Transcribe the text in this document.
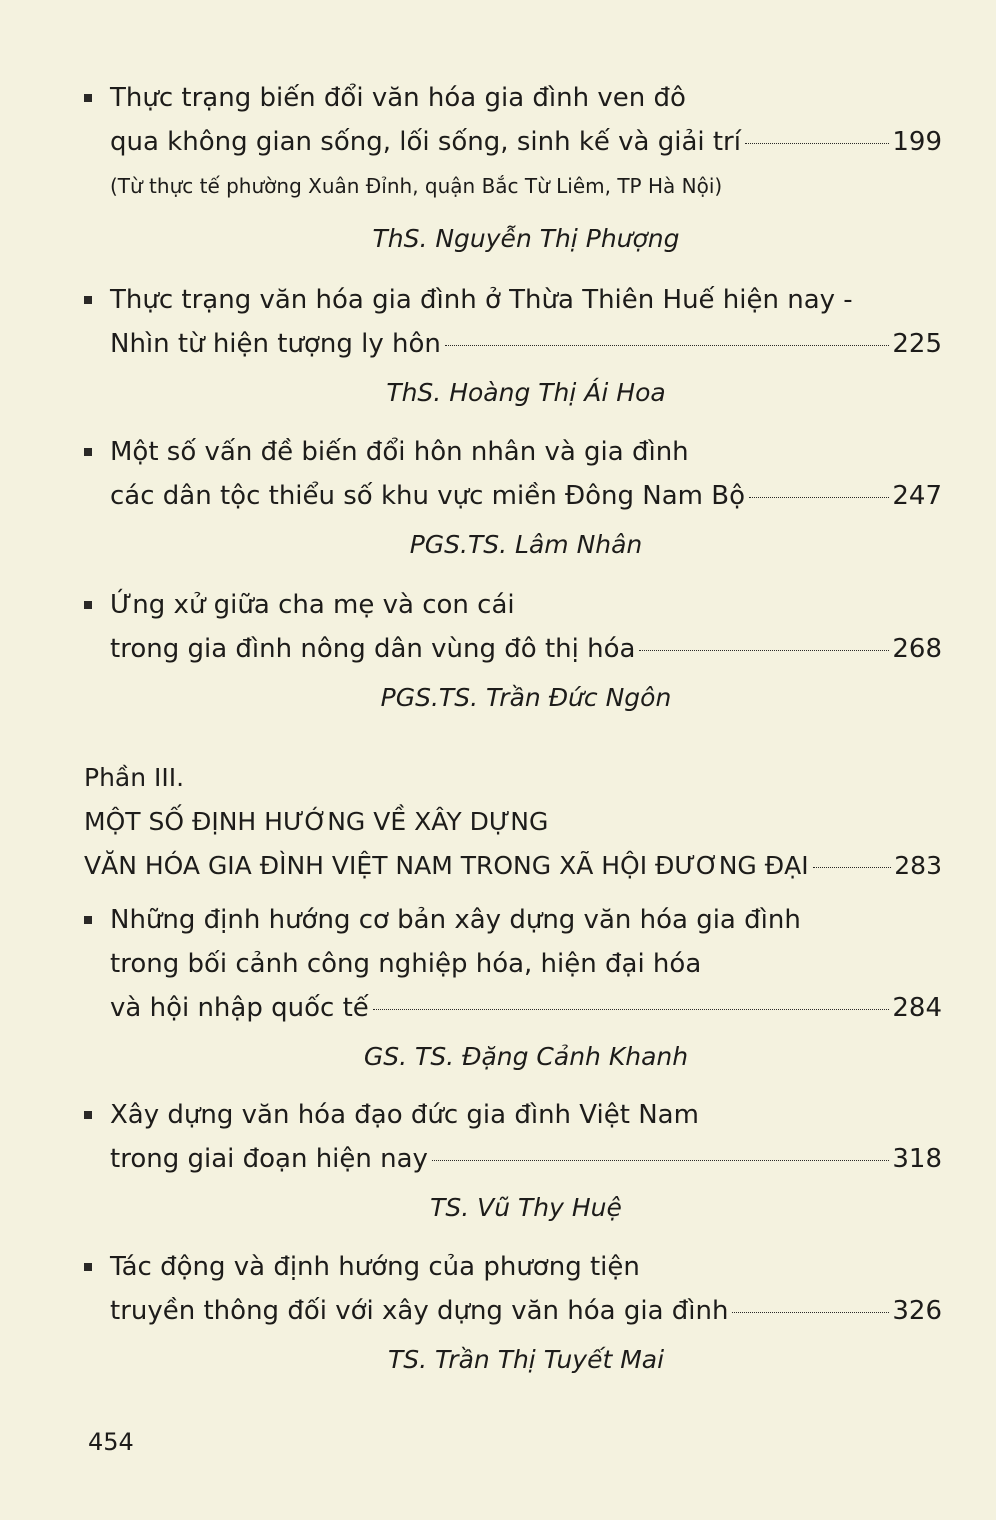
Thực trạng biến đổi văn hóa gia đình ven đô
qua không gian sống, lối sống, sinh kế và giải trí	199
(Từ thực tế phường Xuân Đỉnh, quận Bắc Từ Liêm, TP Hà Nội)
ThS. Nguyễn Thị Phượng
Thực trạng văn hóa gia đình ở Thừa Thiên Huế hiện nay -
Nhìn từ hiện tượng ly hôn	225
ThS. Hoàng Thị Ái Hoa
Một số vấn đề biến đổi hôn nhân và gia đình
các dân tộc thiểu số khu vực miền Đông Nam Bộ	247
PGS.TS. Lâm Nhân
Ứng xử giữa cha mẹ và con cái
trong gia đình nông dân vùng đô thị hóa	268
PGS.TS. Trần Đức Ngôn
Phần III.
MỘT SỐ ĐỊNH HƯỚNG VỀ XÂY DỰNG
VĂN HÓA GIA ĐÌNH VIỆT NAM TRONG XÃ HỘI ĐƯƠNG ĐẠI	283
Những định hướng cơ bản xây dựng văn hóa gia đình
trong bối cảnh công nghiệp hóa, hiện đại hóa
và hội nhập quốc tế	284
GS. TS. Đặng Cảnh Khanh
Xây dựng văn hóa đạo đức gia đình Việt Nam
trong giai đoạn hiện nay	318
TS. Vũ Thy Huệ
Tác động và định hướng của phương tiện
truyền thông đối với xây dựng văn hóa gia đình	326
TS. Trần Thị Tuyết Mai
454
